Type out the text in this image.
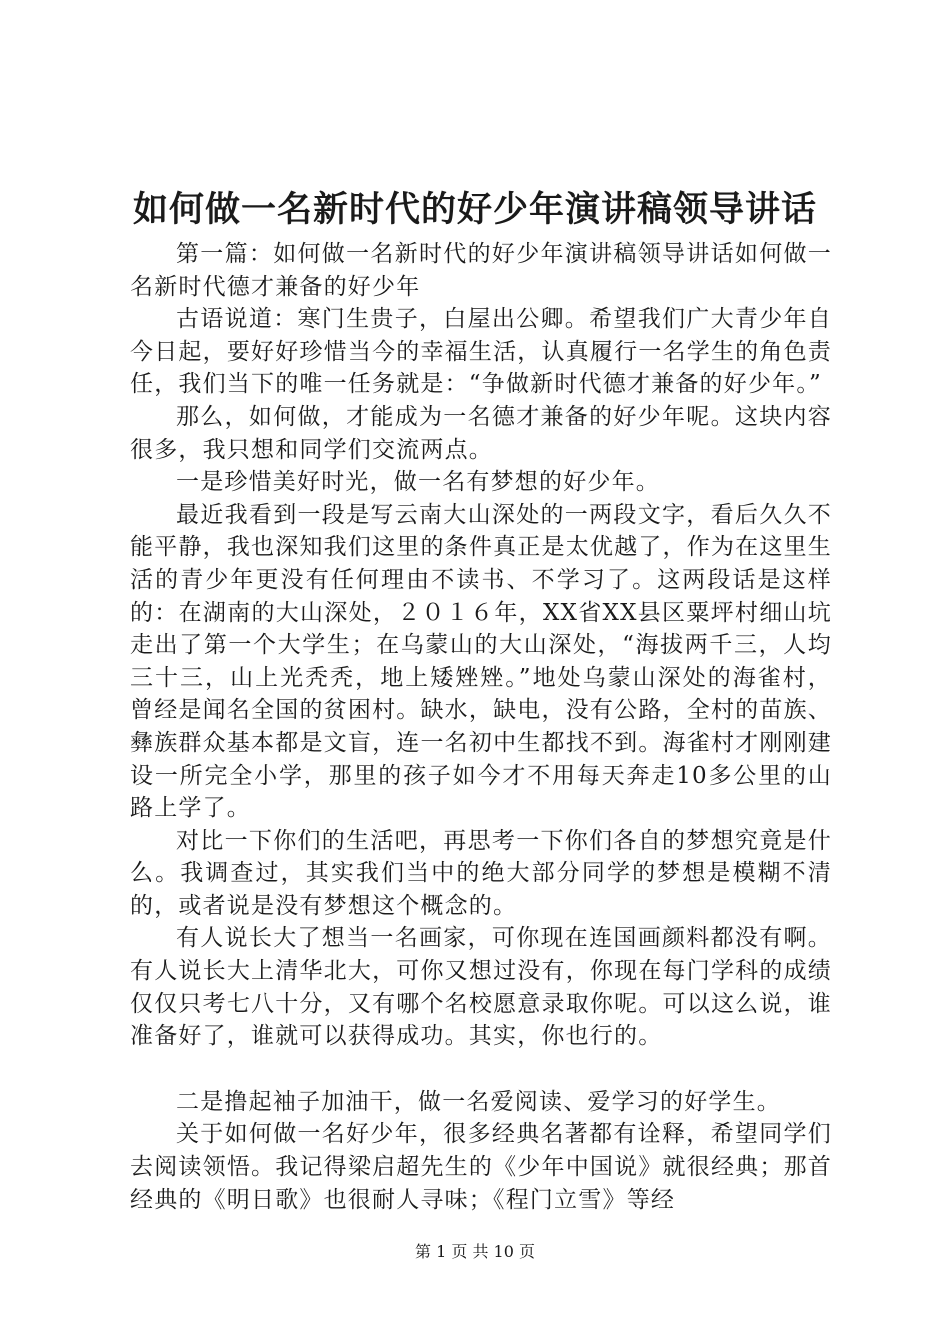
如何做一名新时代的好少年演讲稿领导讲话

第一篇：如何做一名新时代的好少年演讲稿领导讲话如何做一名新时代德才兼备的好少年

古语说道：寒门生贵子，白屋出公卿。希望我们广大青少年自今日起，要好好珍惜当今的幸福生活，认真履行一名学生的角色责任，我们当下的唯一任务就是：“争做新时代德才兼备的好少年。”

那么，如何做，才能成为一名德才兼备的好少年呢。这块内容很多，我只想和同学们交流两点。

一是珍惜美好时光，做一名有梦想的好少年。

最近我看到一段是写云南大山深处的一两段文字，看后久久不能平静，我也深知我们这里的条件真正是太优越了，作为在这里生活的青少年更没有任何理由不读书、不学习了。这两段话是这样的：在湖南的大山深处，２０１６年，XX省XX县区粟坪村细山坑走出了第一个大学生；在乌蒙山的大山深处，“海拔两千三，人均三十三，山上光秃秃，地上矮矬矬。”地处乌蒙山深处的海雀村，曾经是闻名全国的贫困村。缺水，缺电，没有公路，全村的苗族、彝族群众基本都是文盲，连一名初中生都找不到。海雀村才刚刚建设一所完全小学，那里的孩子如今才不用每天奔走10多公里的山路上学了。

对比一下你们的生活吧，再思考一下你们各自的梦想究竟是什么。我调查过，其实我们当中的绝大部分同学的梦想是模糊不清的，或者说是没有梦想这个概念的。

有人说长大了想当一名画家，可你现在连国画颜料都没有啊。有人说长大上清华北大，可你又想过没有，你现在每门学科的成绩仅仅只考七八十分，又有哪个名校愿意录取你呢。可以这么说，谁准备好了，谁就可以获得成功。其实，你也行的。

二是撸起袖子加油干，做一名爱阅读、爱学习的好学生。

关于如何做一名好少年，很多经典名著都有诠释，希望同学们去阅读领悟。我记得梁启超先生的《少年中国说》就很经典；那首经典的《明日歌》也很耐人寻味；《程门立雪》等经

第 1 页 共 10 页
